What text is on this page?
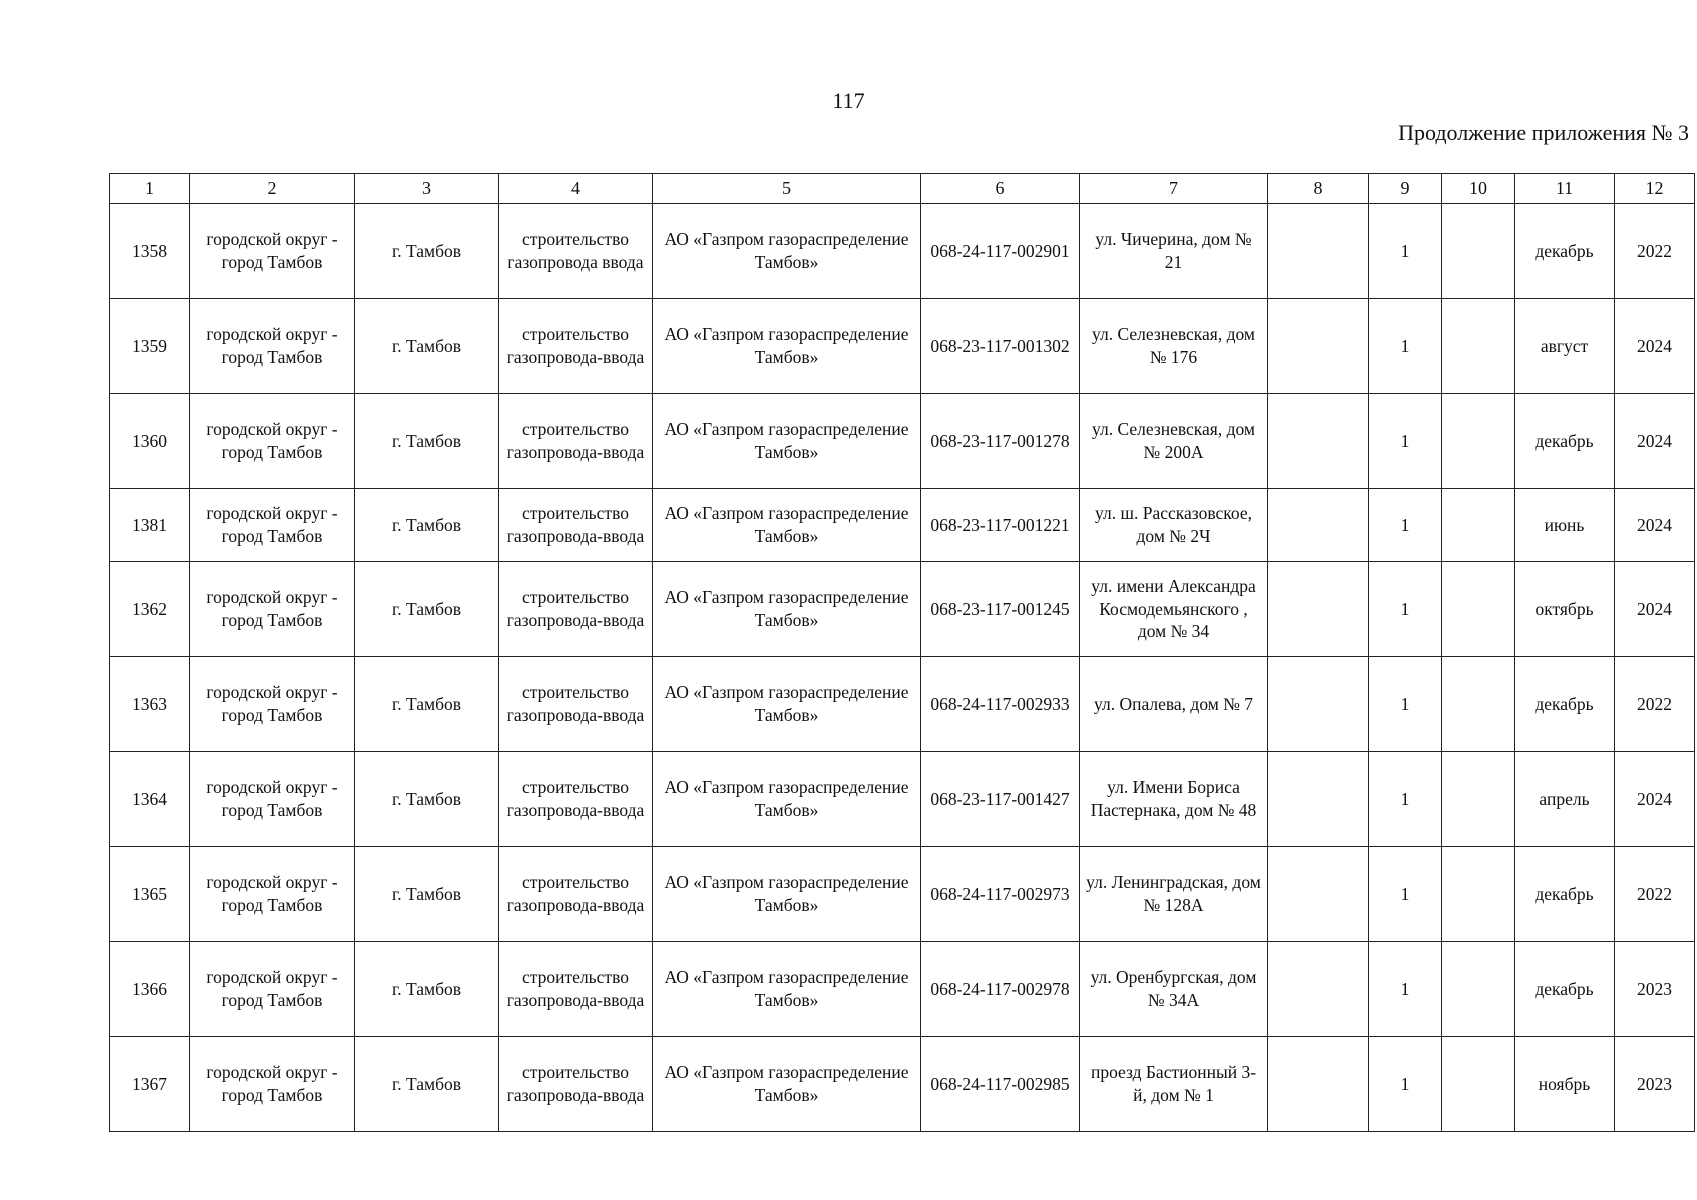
117
Продолжение приложения № 3
1	2	3	4	5	6	7	8	9	10	11	12
1358	городской округ - город Тамбов	г. Тамбов	строительство газопровода ввода	АО «Газпром газораспределение Тамбов»	068-24-117-002901	ул. Чичерина, дом № 21		1		декабрь	2022
1359	городской округ - город Тамбов	г. Тамбов	строительство газопровода-ввода	АО «Газпром газораспределение Тамбов»	068-23-117-001302	ул. Селезневская, дом № 176		1		август	2024
1360	городской округ - город Тамбов	г. Тамбов	строительство газопровода-ввода	АО «Газпром газораспределение Тамбов»	068-23-117-001278	ул. Селезневская, дом № 200А		1		декабрь	2024
1381	городской округ - город Тамбов	г. Тамбов	строительство газопровода-ввода	АО «Газпром газораспределение Тамбов»	068-23-117-001221	ул. ш. Рассказовское, дом № 2Ч		1		июнь	2024
1362	городской округ - город Тамбов	г. Тамбов	строительство газопровода-ввода	АО «Газпром газораспределение Тамбов»	068-23-117-001245	ул. имени Александра Космодемьянского , дом № 34		1		октябрь	2024
1363	городской округ - город Тамбов	г. Тамбов	строительство газопровода-ввода	АО «Газпром газораспределение Тамбов»	068-24-117-002933	ул. Опалева, дом № 7		1		декабрь	2022
1364	городской округ - город Тамбов	г. Тамбов	строительство газопровода-ввода	АО «Газпром газораспределение Тамбов»	068-23-117-001427	ул. Имени Бориса Пастернака, дом № 48		1		апрель	2024
1365	городской округ - город Тамбов	г. Тамбов	строительство газопровода-ввода	АО «Газпром газораспределение Тамбов»	068-24-117-002973	ул. Ленинградская, дом № 128А		1		декабрь	2022
1366	городской округ - город Тамбов	г. Тамбов	строительство газопровода-ввода	АО «Газпром газораспределение Тамбов»	068-24-117-002978	ул. Оренбургская, дом № 34А		1		декабрь	2023
1367	городской округ - город Тамбов	г. Тамбов	строительство газопровода-ввода	АО «Газпром газораспределение Тамбов»	068-24-117-002985	проезд Бастионный 3-й, дом № 1		1		ноябрь	2023
